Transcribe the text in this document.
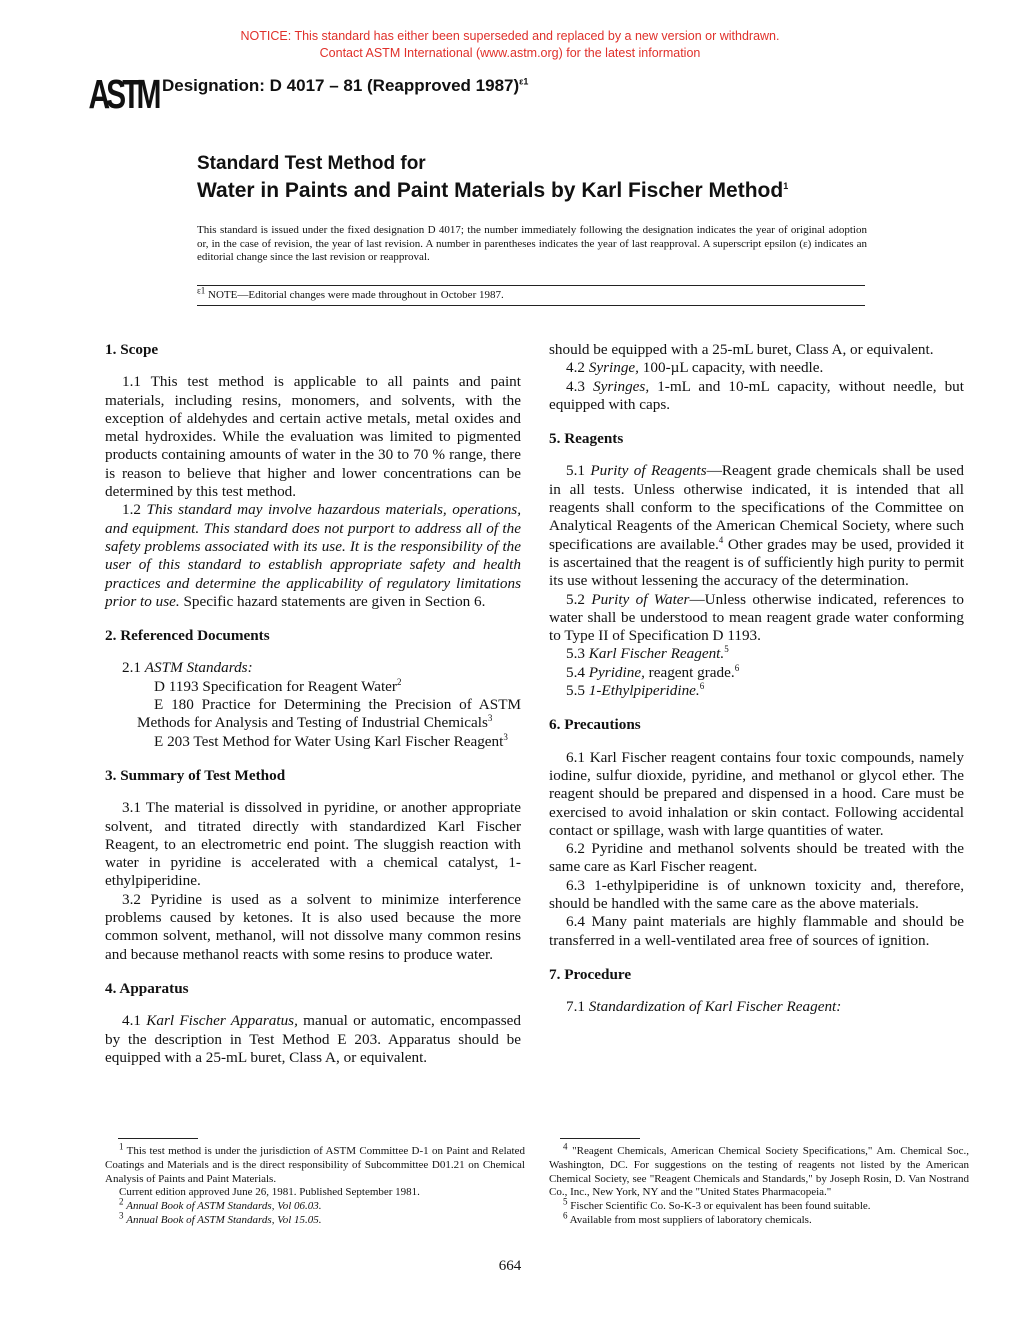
NOTICE: This standard has either been superseded and replaced by a new version or withdrawn.
Contact ASTM International (www.astm.org) for the latest information
ASTM Designation: D 4017 – 81 (Reapproved 1987)$^{\varepsilon 1}$
Standard Test Method for
Water in Paints and Paint Materials by Karl Fischer Method$^1$
This standard is issued under the fixed designation D 4017; the number immediately following the designation indicates the year of original adoption or, in the case of revision, the year of last revision. A number in parentheses indicates the year of last reapproval. A superscript epsilon (ε) indicates an editorial change since the last revision or reapproval.
$^{\varepsilon 1}$ NOTE—Editorial changes were made throughout in October 1987.
1. Scope

1.1 This test method is applicable to all paints and paint materials, including resins, monomers, and solvents, with the exception of aldehydes and certain active metals, metal oxides and metal hydroxides. While the evaluation was limited to pigmented products containing amounts of water in the 30 to 70 % range, there is reason to believe that higher and lower concentrations can be determined by this test method.

1.2 This standard may involve hazardous materials, operations, and equipment. This standard does not purport to address all of the safety problems associated with its use. It is the responsibility of the user of this standard to establish appropriate safety and health practices and determine the applicability of regulatory limitations prior to use. Specific hazard statements are given in Section 6.

2. Referenced Documents

2.1 ASTM Standards:

D 1193 Specification for Reagent Water$^2$

E 180 Practice for Determining the Precision of ASTM Methods for Analysis and Testing of Industrial Chemicals$^3$

E 203 Test Method for Water Using Karl Fischer Reagent$^3$

3. Summary of Test Method

3.1 The material is dissolved in pyridine, or another appropriate solvent, and titrated directly with standardized Karl Fischer Reagent, to an electrometric end point. The sluggish reaction with water in pyridine is accelerated with a chemical catalyst, 1-ethylpiperidine.

3.2 Pyridine is used as a solvent to minimize interference problems caused by ketones. It is also used because the more common solvent, methanol, will not dissolve many common resins and because methanol reacts with some resins to produce water.

4. Apparatus

4.1 Karl Fischer Apparatus, manual or automatic, encompassed by the description in Test Method E 203. Apparatus should be equipped with a 25-mL buret, Class A, or equivalent.

should be equipped with a 25-mL buret, Class A, or equivalent.

4.2 Syringe, 100-µL capacity, with needle.

4.3 Syringes, 1-mL and 10-mL capacity, without needle, but equipped with caps.

5. Reagents

5.1 Purity of Reagents—Reagent grade chemicals shall be used in all tests. Unless otherwise indicated, it is intended that all reagents shall conform to the specifications of the Committee on Analytical Reagents of the American Chemical Society, where such specifications are available.$^4$ Other grades may be used, provided it is ascertained that the reagent is of sufficiently high purity to permit its use without lessening the accuracy of the determination.

5.2 Purity of Water—Unless otherwise indicated, references to water shall be understood to mean reagent grade water conforming to Type II of Specification D 1193.

5.3 Karl Fischer Reagent.$^5$

5.4 Pyridine, reagent grade.$^6$

5.5 1-Ethylpiperidine.$^6$

6. Precautions

6.1 Karl Fischer reagent contains four toxic compounds, namely iodine, sulfur dioxide, pyridine, and methanol or glycol ether. The reagent should be prepared and dispensed in a hood. Care must be exercised to avoid inhalation or skin contact. Following accidental contact or spillage, wash with large quantities of water.

6.2 Pyridine and methanol solvents should be treated with the same care as Karl Fischer reagent.

6.3 1-ethylpiperidine is of unknown toxicity and, therefore, should be handled with the same care as the above materials.

6.4 Many paint materials are highly flammable and should be transferred in a well-ventilated area free of sources of ignition.

7. Procedure

7.1 Standardization of Karl Fischer Reagent:

$^1$ This test method is under the jurisdiction of ASTM Committee D-1 on Paint and Related Coatings and Materials and is the direct responsibility of Subcommittee D01.21 on Chemical Analysis of Paints and Paint Materials.

Current edition approved June 26, 1981. Published September 1981.

$^2$ Annual Book of ASTM Standards, Vol 06.03.

$^3$ Annual Book of ASTM Standards, Vol 15.05.

$^4$ "Reagent Chemicals, American Chemical Society Specifications," Am. Chemical Soc., Washington, DC. For suggestions on the testing of reagents not listed by the American Chemical Society, see "Reagent Chemicals and Standards," by Joseph Rosin, D. Van Nostrand Co., Inc., New York, NY and the "United States Pharmacopeia."

$^5$ Fischer Scientific Co. So-K-3 or equivalent has been found suitable.

$^6$ Available from most suppliers of laboratory chemicals.

664
